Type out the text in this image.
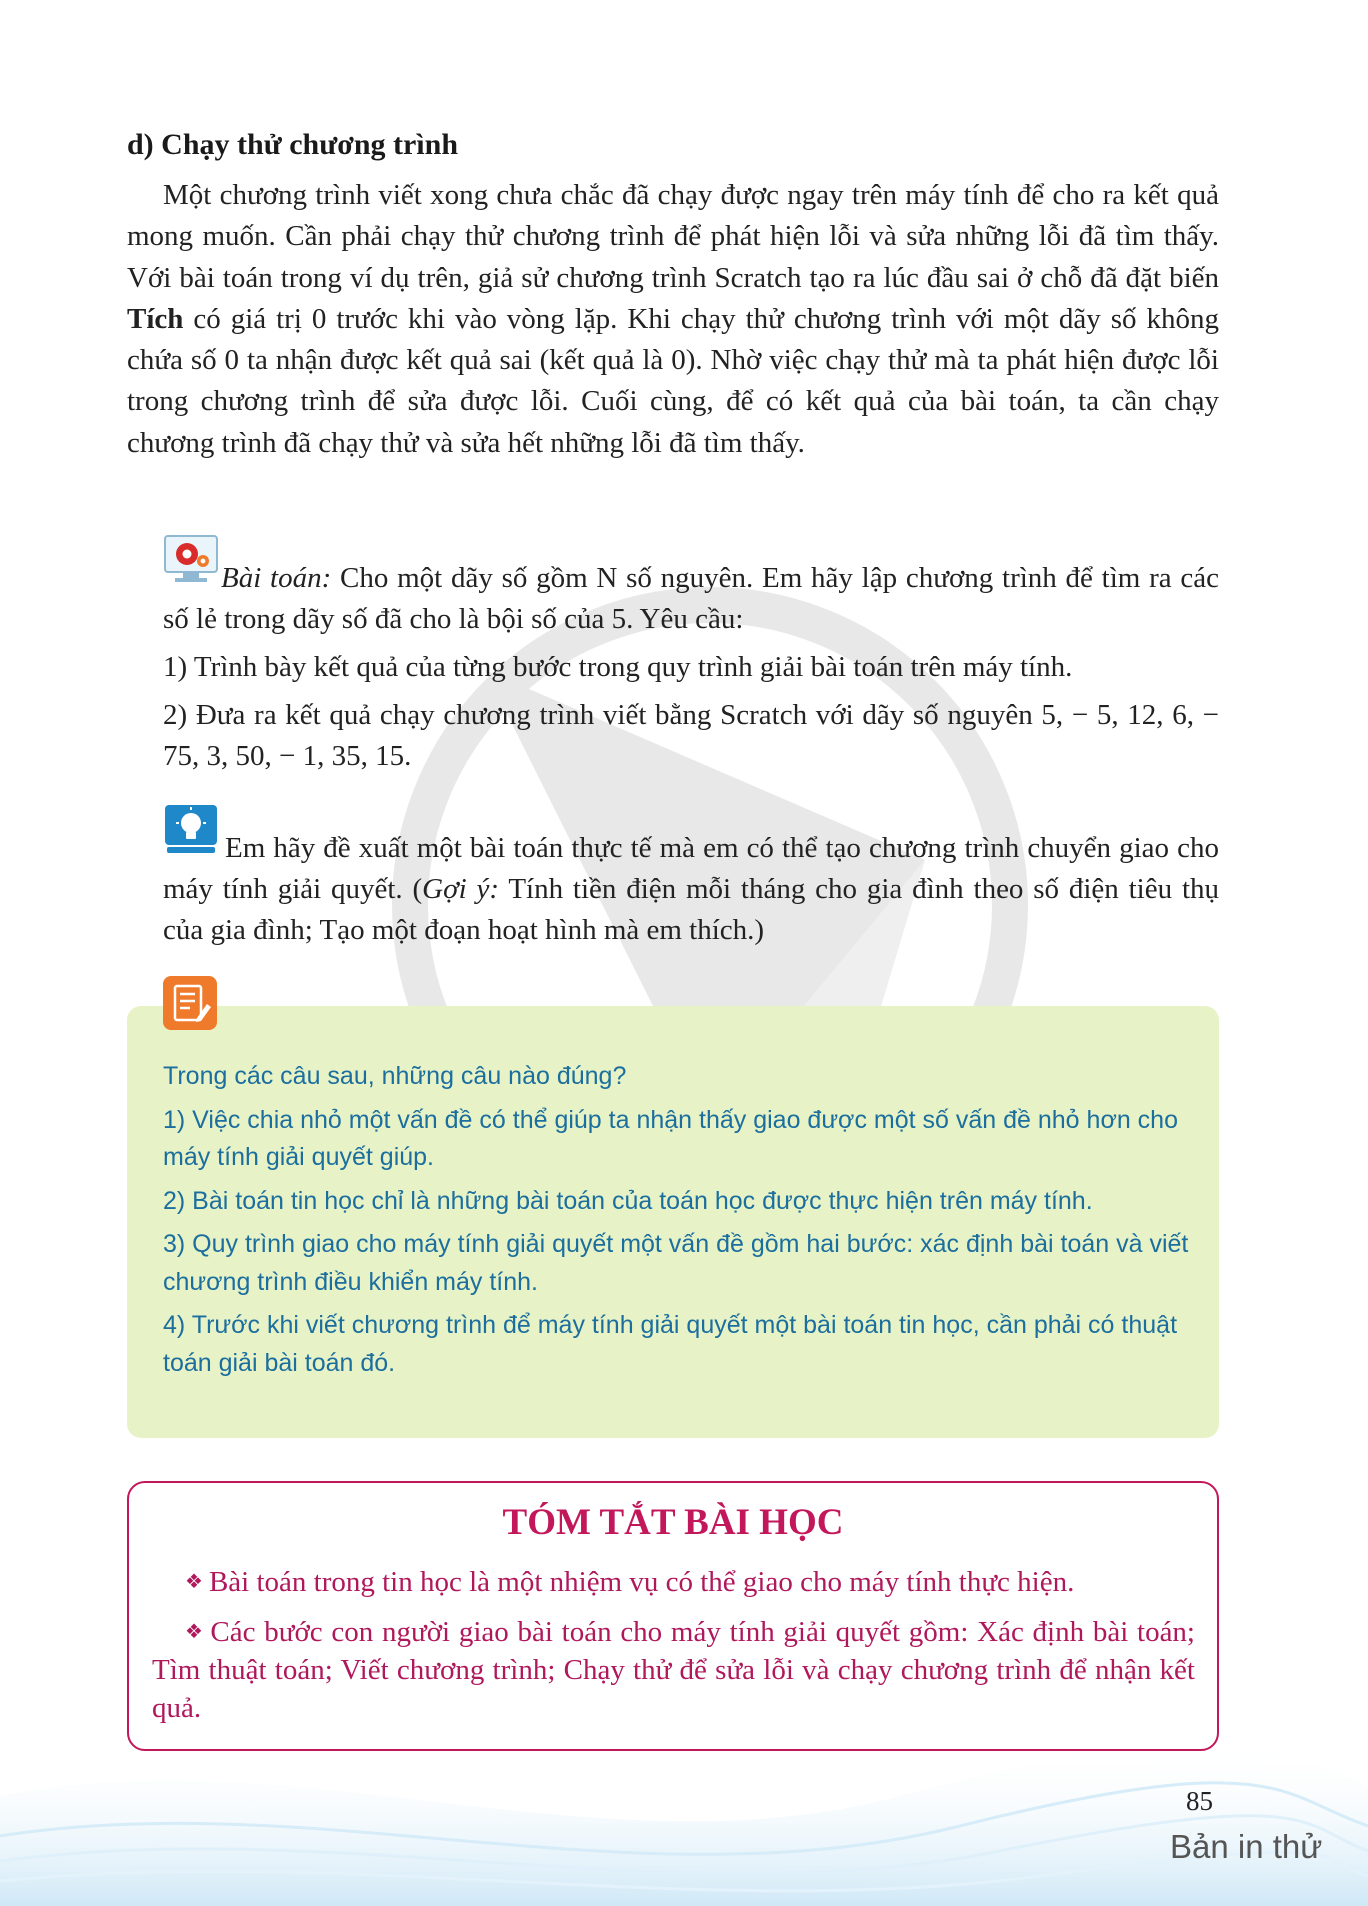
d) Chạy thử chương trình
Một chương trình viết xong chưa chắc đã chạy được ngay trên máy tính để cho ra kết quả mong muốn. Cần phải chạy thử chương trình để phát hiện lỗi và sửa những lỗi đã tìm thấy. Với bài toán trong ví dụ trên, giả sử chương trình Scratch tạo ra lúc đầu sai ở chỗ đã đặt biến Tích có giá trị 0 trước khi vào vòng lặp. Khi chạy thử chương trình với một dãy số không chứa số 0 ta nhận được kết quả sai (kết quả là 0). Nhờ việc chạy thử mà ta phát hiện được lỗi trong chương trình để sửa được lỗi. Cuối cùng, để có kết quả của bài toán, ta cần chạy chương trình đã chạy thử và sửa hết những lỗi đã tìm thấy.

Bài toán: Cho một dãy số gồm N số nguyên. Em hãy lập chương trình để tìm ra các số lẻ trong dãy số đã cho là bội số của 5. Yêu cầu:

1) Trình bày kết quả của từng bước trong quy trình giải bài toán trên máy tính.

2) Đưa ra kết quả chạy chương trình viết bằng Scratch với dãy số nguyên 5, − 5, 12, 6, − 75, 3, 50, − 1, 35, 15.

Em hãy đề xuất một bài toán thực tế mà em có thể tạo chương trình chuyển giao cho máy tính giải quyết. (Gợi ý: Tính tiền điện mỗi tháng cho gia đình theo số điện tiêu thụ của gia đình; Tạo một đoạn hoạt hình mà em thích.)

Trong các câu sau, những câu nào đúng?

1) Việc chia nhỏ một vấn đề có thể giúp ta nhận thấy giao được một số vấn đề nhỏ hơn cho máy tính giải quyết giúp.

2) Bài toán tin học chỉ là những bài toán của toán học được thực hiện trên máy tính.

3) Quy trình giao cho máy tính giải quyết một vấn đề gồm hai bước: xác định bài toán và viết chương trình điều khiển máy tính.

4) Trước khi viết chương trình để máy tính giải quyết một bài toán tin học, cần phải có thuật toán giải bài toán đó.

TÓM TẮT BÀI HỌC

❖ Bài toán trong tin học là một nhiệm vụ có thể giao cho máy tính thực hiện.

❖ Các bước con người giao bài toán cho máy tính giải quyết gồm: Xác định bài toán; Tìm thuật toán; Viết chương trình; Chạy thử để sửa lỗi và chạy chương trình để nhận kết quả.

85
Bản in thử
